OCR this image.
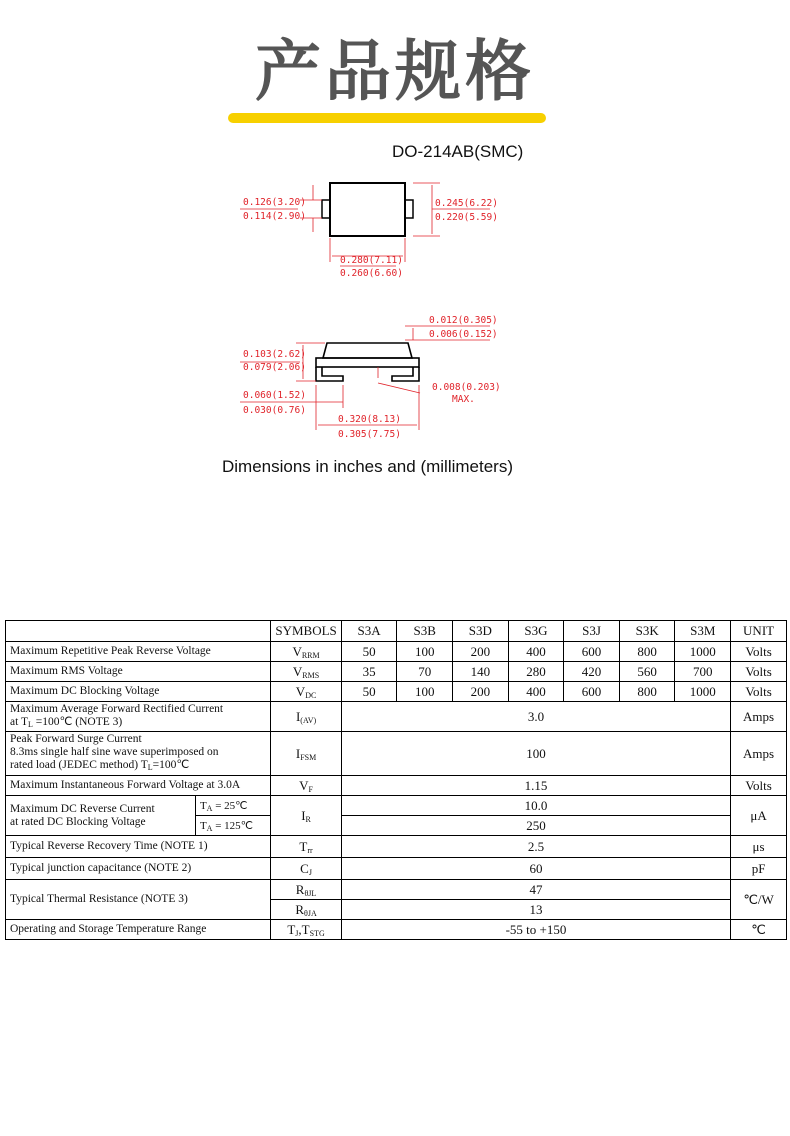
产品规格
DO-214AB(SMC)
0.126(3.20)
0.114(2.90)
0.245(6.22)
0.220(5.59)
0.280(7.11)
0.260(6.60)
0.012(0.305)
0.006(0.152)
0.103(2.62)
0.079(2.06)
0.008(0.203)
MAX.
0.060(1.52)
0.030(0.76)
0.320(8.13)
0.305(7.75)
Dimensions in inches and (millimeters)
		SYMBOLS	S3A	S3B	S3D	S3G	S3J	S3K	S3M	UNIT
Maximum Repetitive Peak Reverse Voltage		$V_{RRM}$	50	100	200	400	600	800	1000	Volts
Maximum RMS Voltage		$V_{RMS}$	35	70	140	280	420	560	700	Volts
Maximum DC Blocking Voltage		$V_{DC}$	50	100	200	400	600	800	1000	Volts
Maximum Average Forward Rectified Current
at $T_L$ =100℃ (NOTE 3)		$I_{(AV)}$	3.0							Amps
Peak Forward Surge Current
8.3ms single half sine wave superimposed on
rated load (JEDEC method) $T_L=100℃$		$I_{FSM}$	100							Amps
Maximum Instantaneous Forward Voltage at 3.0A		$V_F$	1.15							Volts
Maximum DC Reverse Current
at rated DC Blocking Voltage	$T_A$ = 25℃	$I_R$	10.0							μA
	$T_A$ = 125℃		250							
Typical Reverse Recovery Time (NOTE 1)		$T_{rr}$	2.5							μs
Typical junction capacitance (NOTE 2)		$C_J$	60							pF
Typical Thermal Resistance (NOTE 3)		$R_{\theta JL}$	47							℃/W
		$R_{\theta JA}$	13							
Operating and Storage Temperature Range		$T_J,T_{STG}$	-55 to +150							℃
